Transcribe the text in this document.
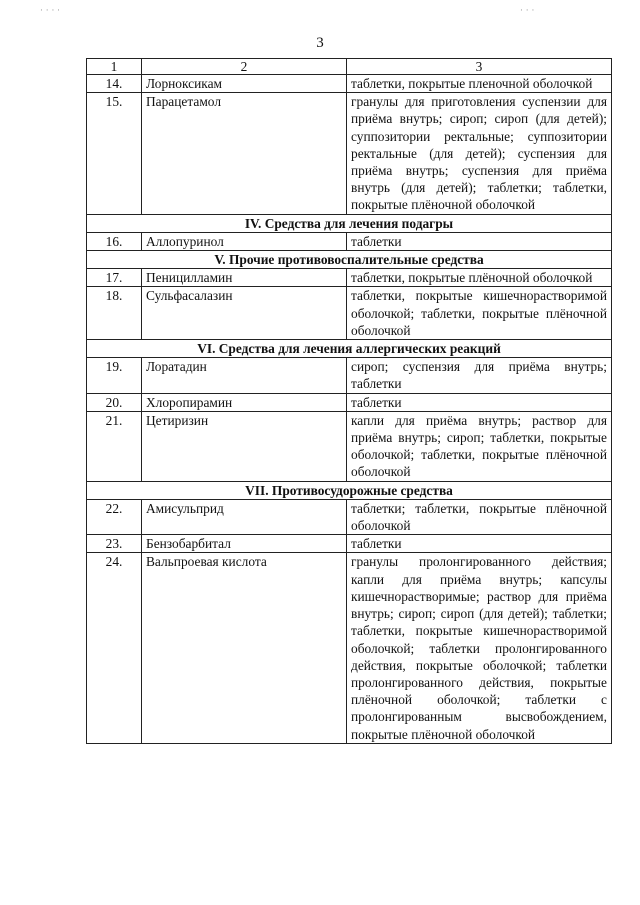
3
1	2	3
14.	Лорноксикам	таблетки, покрытые пленочной оболочкой
15.	Парацетамол	гранулы для приготовления суспензии для приёма внутрь; сироп; сироп (для детей); суппозитории ректальные; суппозитории ректальные (для детей); суспензия для приёма внутрь; суспензия для приёма внутрь (для детей); таблетки; таблетки, покрытые плёночной оболочкой
IV. Средства для лечения подагры		
16.	Аллопуринол	таблетки
V. Прочие противовоспалительные средства		
17.	Пеницилламин	таблетки, покрытые плёночной оболочкой
18.	Сульфасалазин	таблетки, покрытые кишечнорастворимой оболочкой; таблетки, покрытые плёночной оболочкой
VI. Средства для лечения аллергических реакций		
19.	Лоратадин	сироп; суспензия для приёма внутрь; таблетки
20.	Хлоропирамин	таблетки
21.	Цетиризин	капли для приёма внутрь; раствор для приёма внутрь; сироп; таблетки, покрытые оболочкой; таблетки, покрытые плёночной оболочкой
VII. Противосудорожные средства		
22.	Амисульприд	таблетки; таблетки, покрытые плёночной оболочкой
23.	Бензобарбитал	таблетки
24.	Вальпроевая кислота	гранулы пролонгированного действия; капли для приёма внутрь; капсулы кишечнорастворимые; раствор для приёма внутрь; сироп; сироп (для детей); таблетки; таблетки, покрытые кишечнорастворимой оболочкой; таблетки пролонгированного действия, покрытые оболочкой; таблетки пролонгированного действия, покрытые плёночной оболочкой; таблетки с пролонгированным высвобождением, покрытые плёночной оболочкой
· · · ·	· · ·
